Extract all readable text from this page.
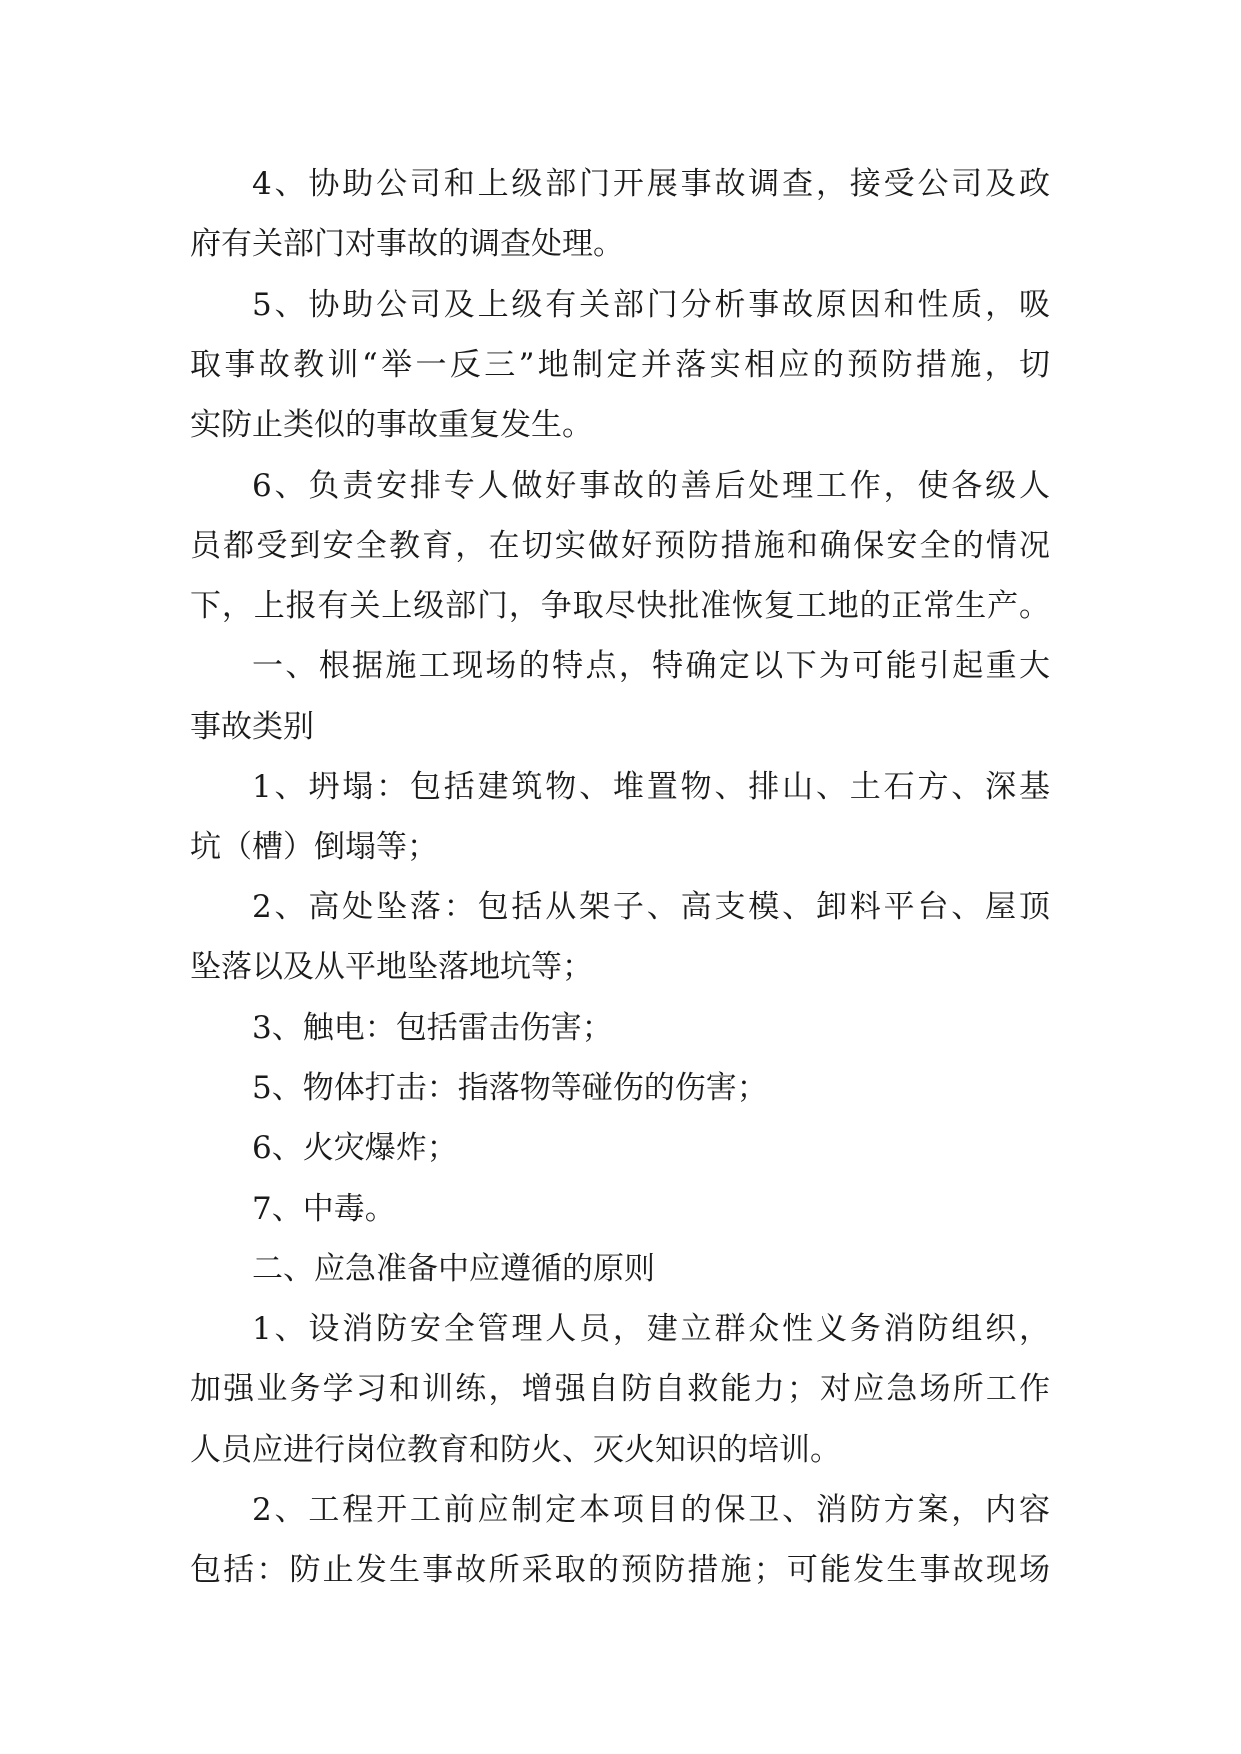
4、协助公司和上级部门开展事故调查，接受公司及政
府有关部门对事故的调查处理。
5、协助公司及上级有关部门分析事故原因和性质，吸
取事故教训“举一反三”地制定并落实相应的预防措施，切
实防止类似的事故重复发生。
6、负责安排专人做好事故的善后处理工作，使各级人
员都受到安全教育，在切实做好预防措施和确保安全的情况
下，上报有关上级部门，争取尽快批准恢复工地的正常生产。
一、根据施工现场的特点，特确定以下为可能引起重大
事故类别
1、坍塌：包括建筑物、堆置物、排山、土石方、深基
坑（槽）倒塌等；
2、高处坠落：包括从架子、高支模、卸料平台、屋顶
坠落以及从平地坠落地坑等；
3、触电：包括雷击伤害；
5、物体打击：指落物等碰伤的伤害；
6、火灾爆炸；
7、中毒。
二、应急准备中应遵循的原则
1、设消防安全管理人员，建立群众性义务消防组织，
加强业务学习和训练，增强自防自救能力；对应急场所工作
人员应进行岗位教育和防火、灭火知识的培训。
2、工程开工前应制定本项目的保卫、消防方案，内容
包括：防止发生事故所采取的预防措施；可能发生事故现场
